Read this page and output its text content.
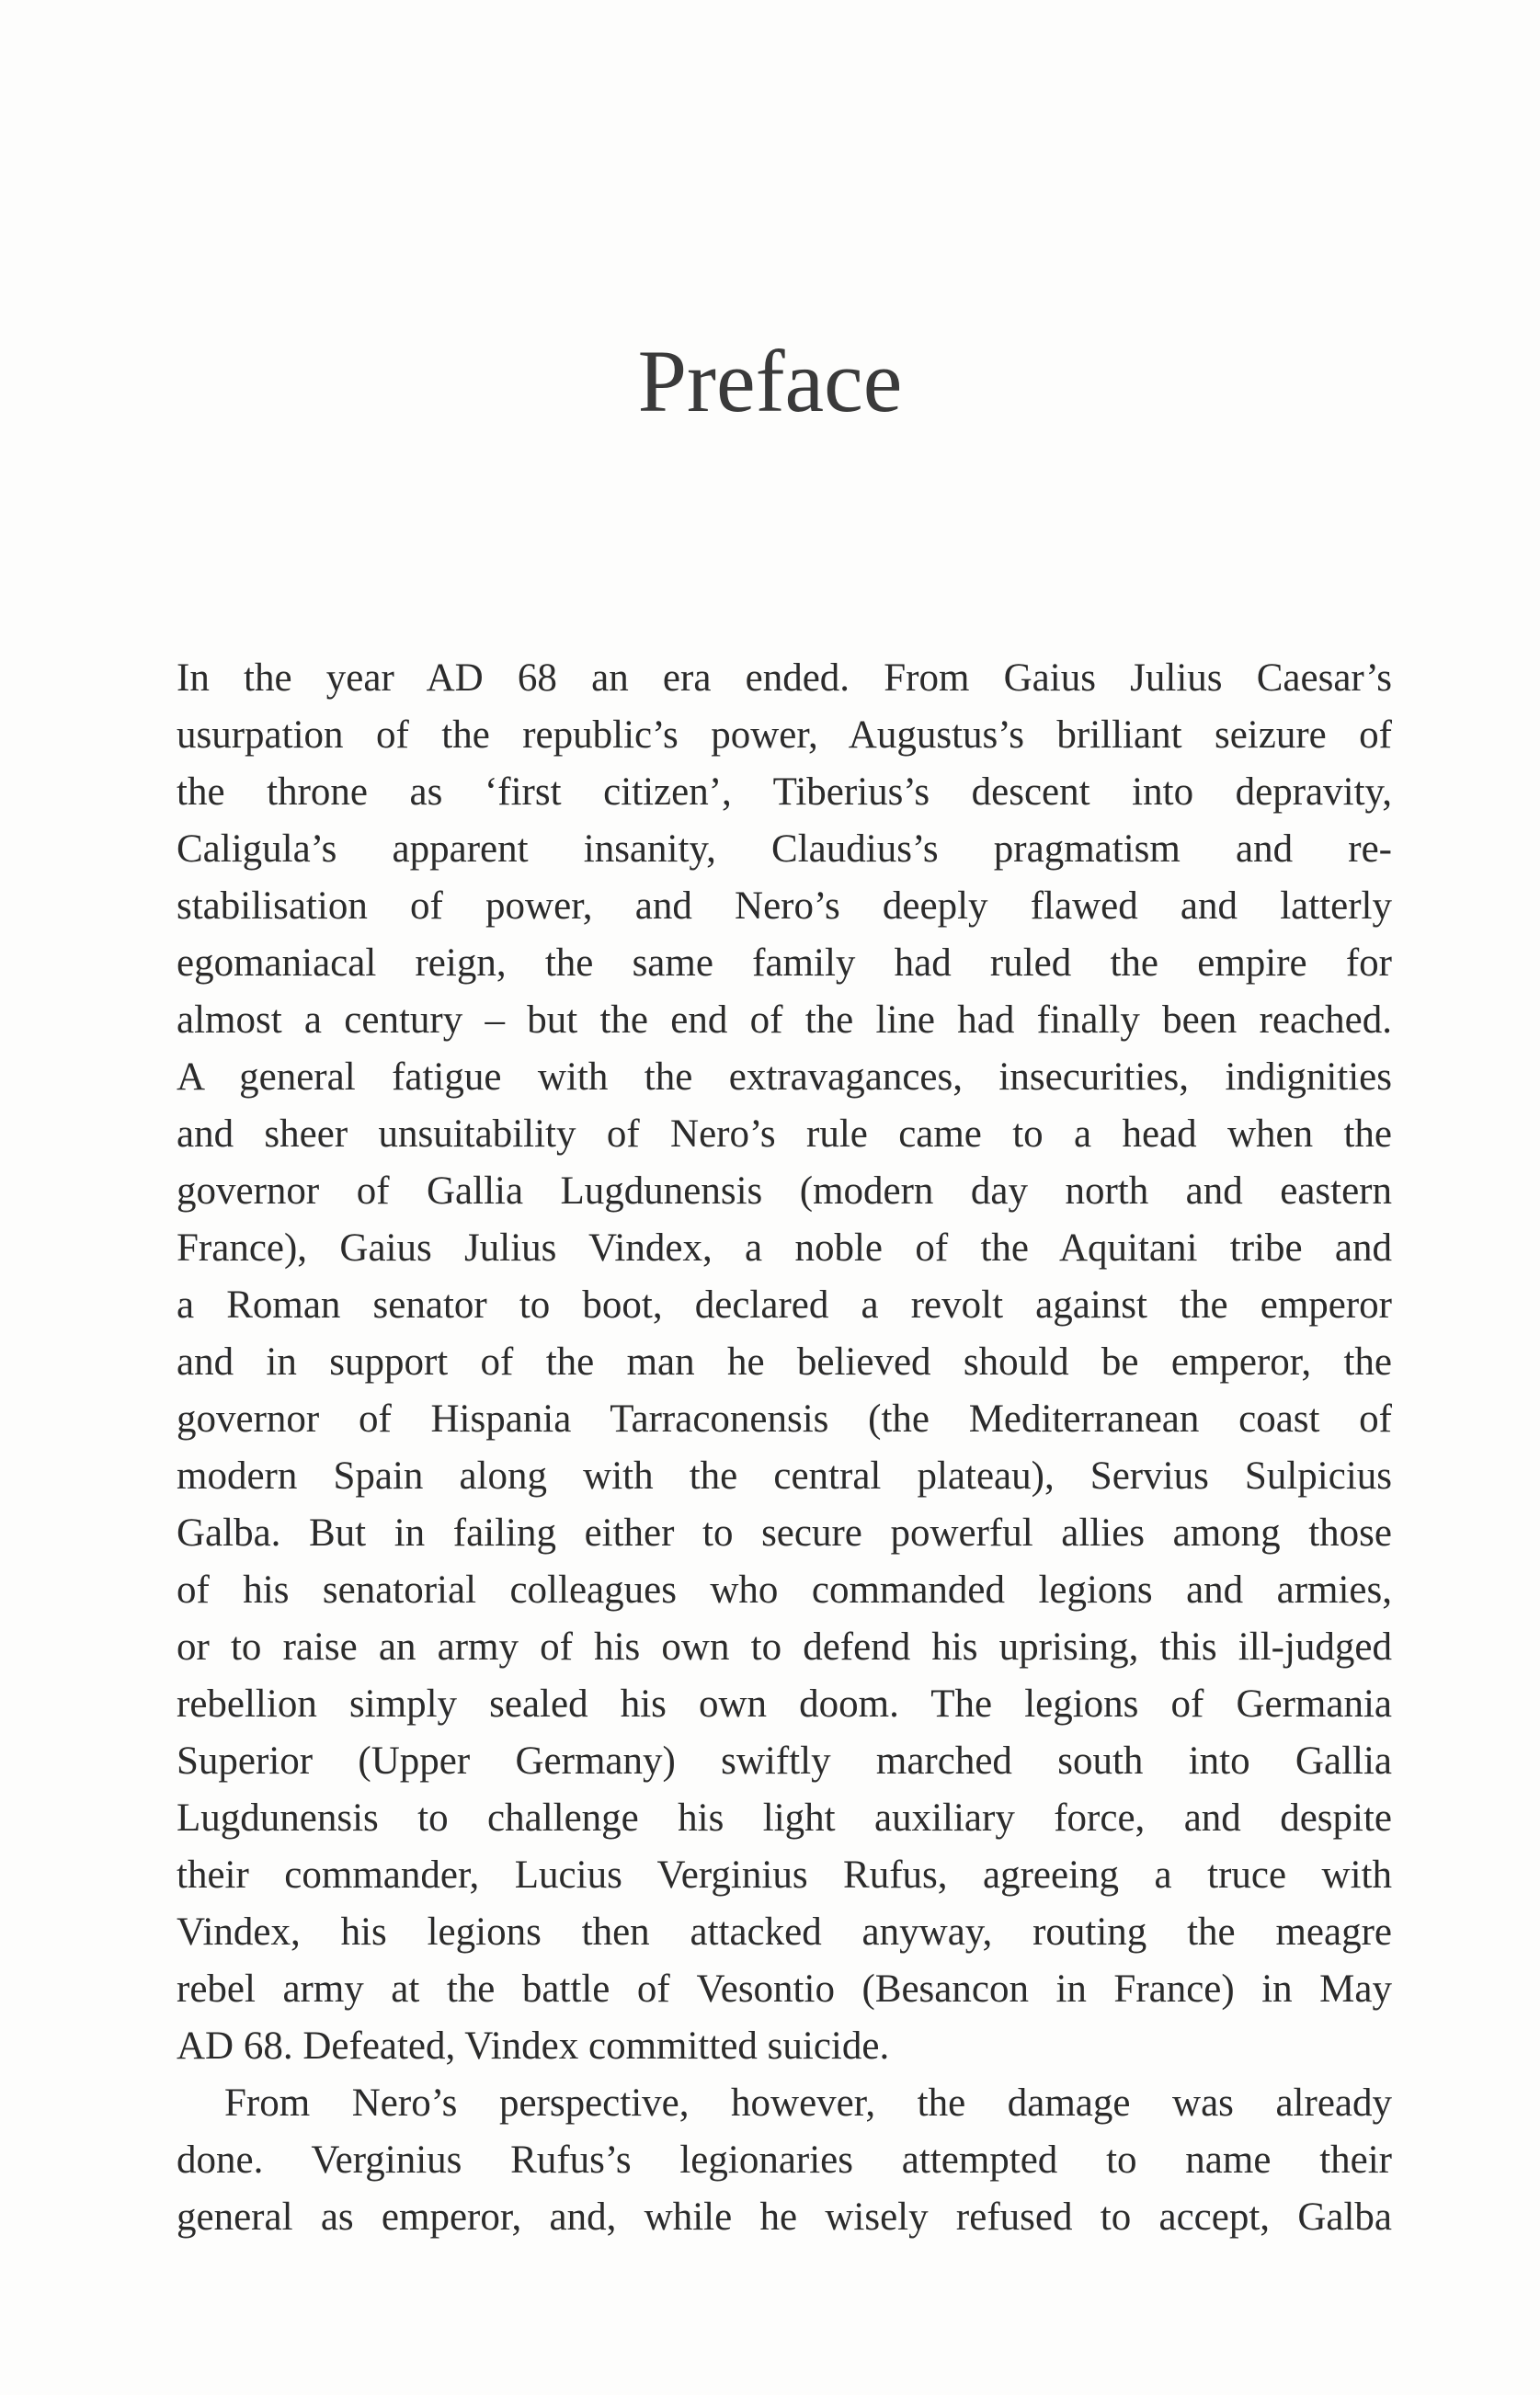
Preface
In the year AD 68 an era ended. From Gaius Julius Caesar’s
usurpation of the republic’s power, Augustus’s brilliant seizure of
the throne as ‘first citizen’, Tiberius’s descent into depravity,
Caligula’s apparent insanity, Claudius’s pragmatism and re-
stabilisation of power, and Nero’s deeply flawed and latterly
egomaniacal reign, the same family had ruled the empire for
almost a century – but the end of the line had finally been reached.
A general fatigue with the extravagances, insecurities, indignities
and sheer unsuitability of Nero’s rule came to a head when the
governor of Gallia Lugdunensis (modern day north and eastern
France), Gaius Julius Vindex, a noble of the Aquitani tribe and
a Roman senator to boot, declared a revolt against the emperor
and in support of the man he believed should be emperor, the
governor of Hispania Tarraconensis (the Mediterranean coast of
modern Spain along with the central plateau), Servius Sulpicius
Galba. But in failing either to secure powerful allies among those
of his senatorial colleagues who commanded legions and armies,
or to raise an army of his own to defend his uprising, this ill-judged
rebellion simply sealed his own doom. The legions of Germania
Superior (Upper Germany) swiftly marched south into Gallia
Lugdunensis to challenge his light auxiliary force, and despite
their commander, Lucius Verginius Rufus, agreeing a truce with
Vindex, his legions then attacked anyway, routing the meagre
rebel army at the battle of Vesontio (Besancon in France) in May
AD 68. Defeated, Vindex committed suicide.
From Nero’s perspective, however, the damage was already
done. Verginius Rufus’s legionaries attempted to name their
general as emperor, and, while he wisely refused to accept, Galba
